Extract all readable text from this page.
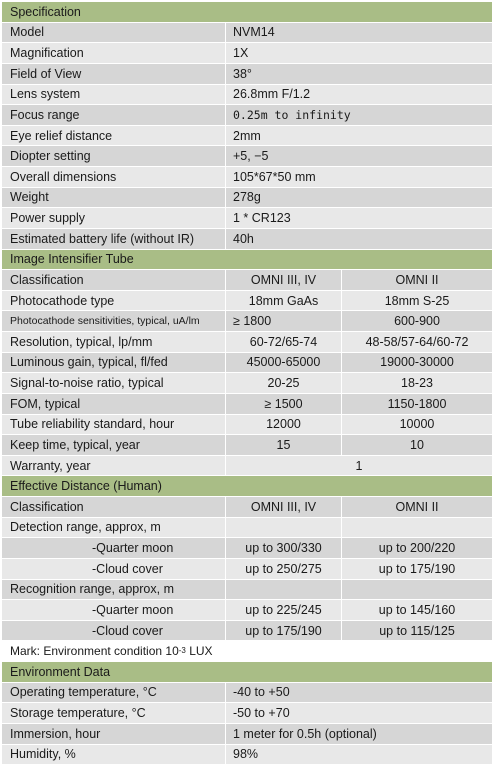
Specification
Model	NVM14
Magnification	1X
Field of View	38°
Lens system	26.8mm F/1.2
Focus range	0.25m to infinity
Eye relief distance	2mm
Diopter setting	+5, −5
Overall dimensions	105*67*50 mm
Weight	278g
Power supply	1 * CR123
Estimated battery life (without IR)	40h
Image Intensifier Tube
Classification	OMNI III, IV	OMNI II
Photocathode type	18mm GaAs	18mm S-25
Photocathode sensitivities, typical, uA/lm	≥ 1800	600-900
Resolution, typical, lp/mm	60-72/65-74	48-58/57-64/60-72
Luminous gain, typical, fl/fed	45000-65000	19000-30000
Signal-to-noise ratio, typical	20-25	18-23
FOM, typical	≥ 1500	1150-1800
Tube reliability standard, hour	12000	10000
Keep time, typical, year	15	10
Warranty, year	1
Effective Distance (Human)
Classification	OMNI III, IV	OMNI II
Detection range, approx, m
-Quarter moon	up to 300/330	up to 200/220
-Cloud cover	up to 250/275	up to 175/190
Recognition range, approx, m
-Quarter moon	up to 225/245	up to 145/160
-Cloud cover	up to 175/190	up to 115/125
Mark: Environment condition 10 -3 LUX
Environment Data
Operating temperature, °C	-40 to +50
Storage temperature, °C	-50 to +70
Immersion, hour	1 meter for 0.5h (optional)
Humidity, %	98%
